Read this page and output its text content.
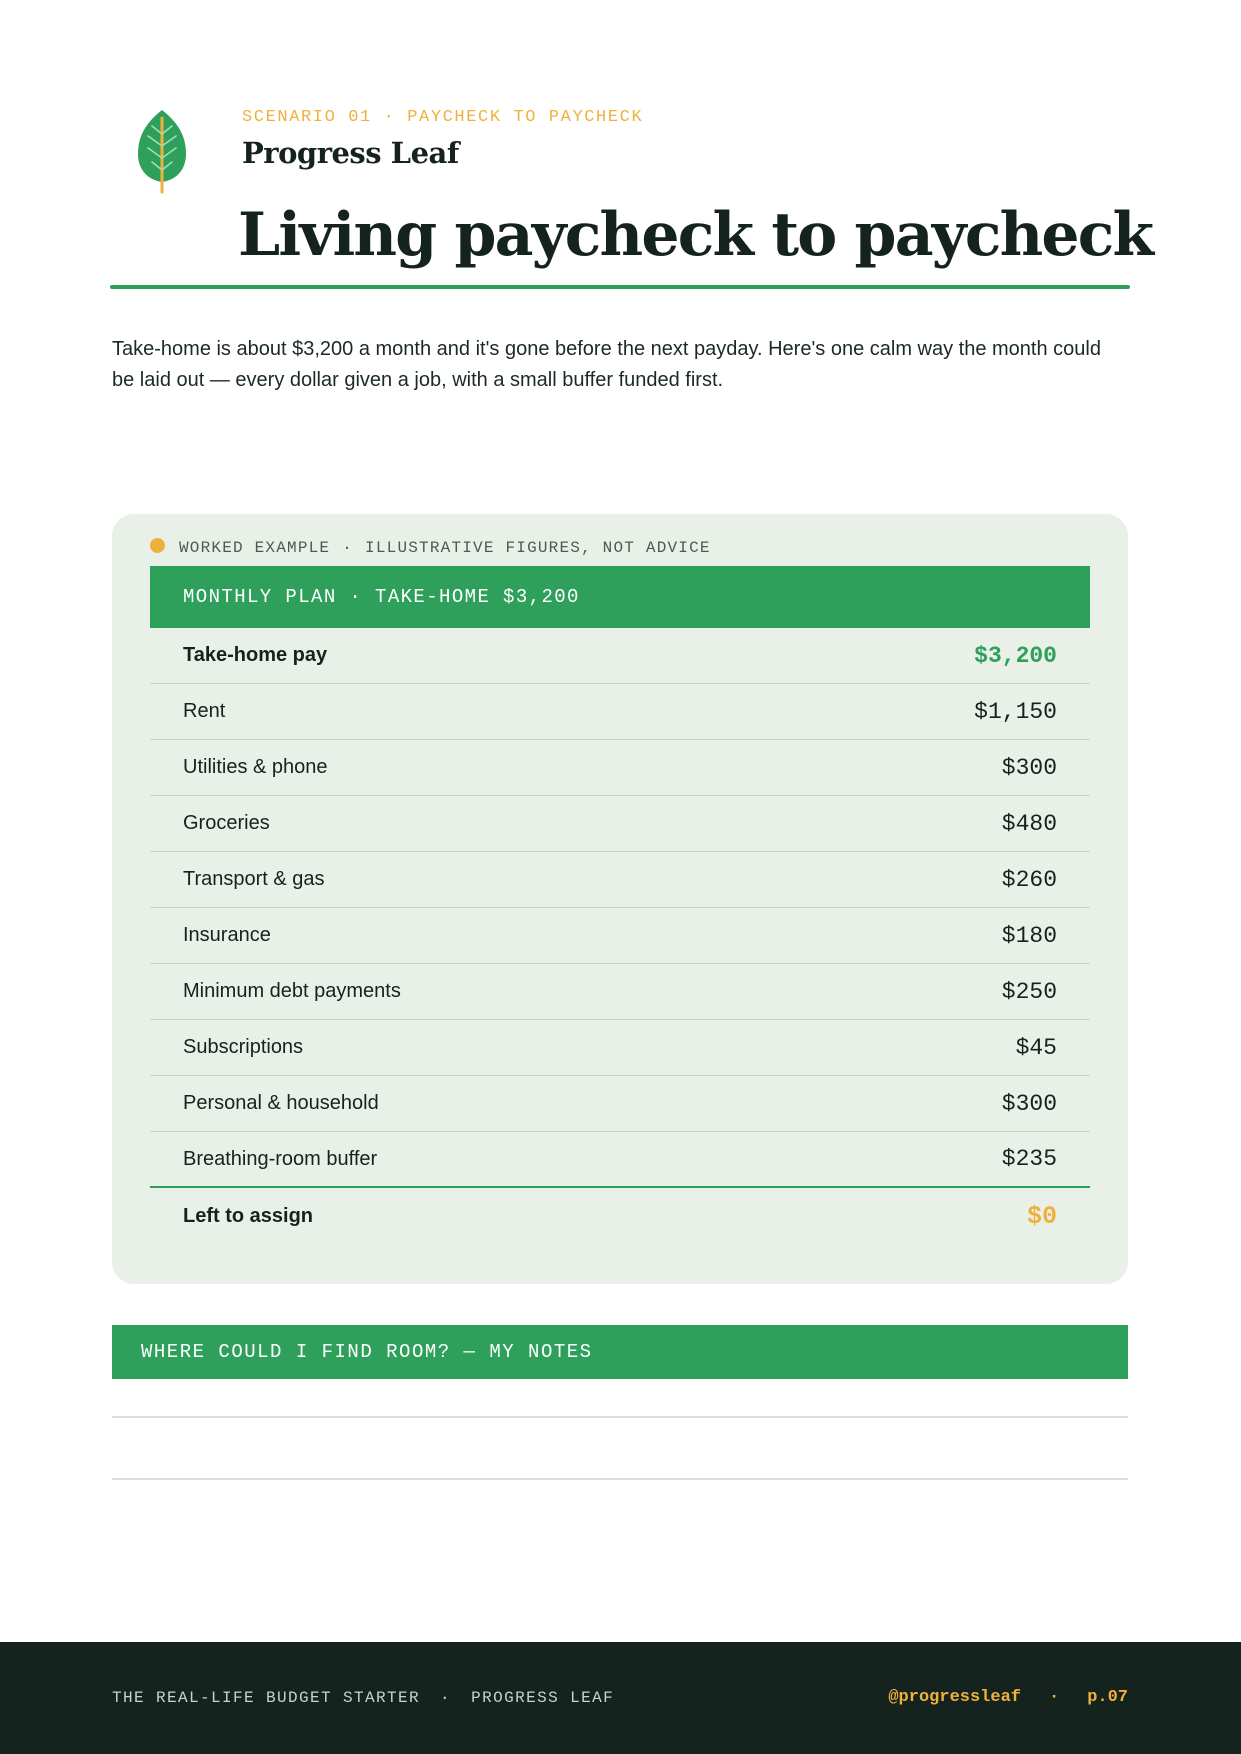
SCENARIO 01 · PAYCHECK TO PAYCHECK
Progress Leaf
Living paycheck to paycheck

Take-home is about $3,200 a month and it's gone before the next payday. Here's one calm way the month could be laid out — every dollar given a job, with a small buffer funded first.

WORKED EXAMPLE · ILLUSTRATIVE FIGURES, NOT ADVICE
MONTHLY PLAN · TAKE-HOME $3,200
Take-home pay	$3,200
Rent	$1,150
Utilities & phone	$300
Groceries	$480
Transport & gas	$260
Insurance	$180
Minimum debt payments	$250
Subscriptions	$45
Personal & household	$300
Breathing-room buffer	$235
Left to assign	$0
WHERE COULD I FIND ROOM? — MY NOTES
THE REAL-LIFE BUDGET STARTER · PROGRESS LEAF	@progressleaf · p.07
